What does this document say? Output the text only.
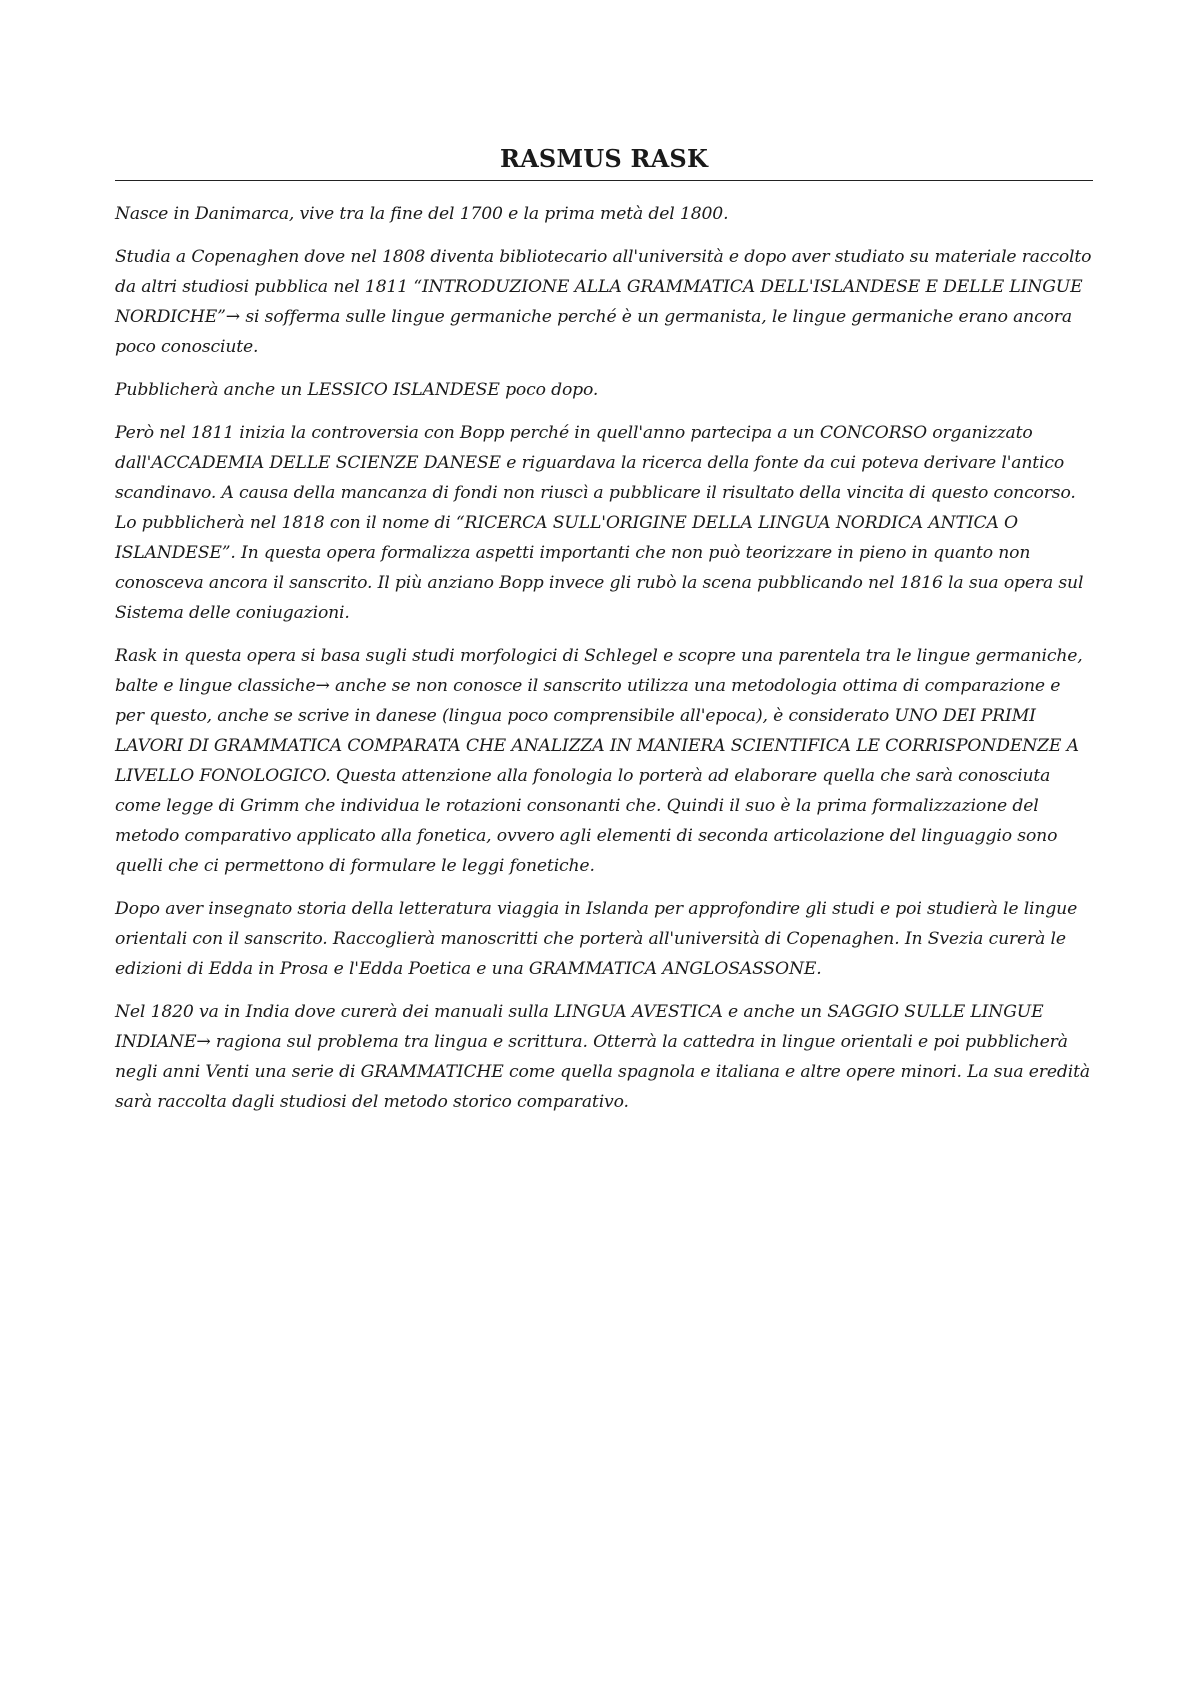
RASMUS RASK

Nasce in Danimarca, vive tra la fine del 1700 e la prima metà del 1800.

Studia a Copenaghen dove nel 1808 diventa bibliotecario all'università e dopo aver studiato su materiale raccolto da altri studiosi pubblica nel 1811 “INTRODUZIONE ALLA GRAMMATICA DELL'ISLANDESE E DELLE LINGUE NORDICHE”→ si sofferma sulle lingue germaniche perché è un germanista, le lingue germaniche erano ancora poco conosciute.

Pubblicherà anche un LESSICO ISLANDESE poco dopo.

Però nel 1811 inizia la controversia con Bopp perché in quell'anno partecipa a un CONCORSO organizzato dall'ACCADEMIA DELLE SCIENZE DANESE e riguardava la ricerca della fonte da cui poteva derivare l'antico scandinavo. A causa della mancanza di fondi non riuscì a pubblicare il risultato della vincita di questo concorso. Lo pubblicherà nel 1818 con il nome di “RICERCA SULL'ORIGINE DELLA LINGUA NORDICA ANTICA O ISLANDESE”. In questa opera formalizza aspetti importanti che non può teorizzare in pieno in quanto non conosceva ancora il sanscrito. Il più anziano Bopp invece gli rubò la scena pubblicando nel 1816 la sua opera sul Sistema delle coniugazioni.

Rask in questa opera si basa sugli studi morfologici di Schlegel e scopre una parentela tra le lingue germaniche, balte e lingue classiche→ anche se non conosce il sanscrito utilizza una metodologia ottima di comparazione e per questo, anche se scrive in danese (lingua poco comprensibile all'epoca), è considerato UNO DEI PRIMI LAVORI DI GRAMMATICA COMPARATA CHE ANALIZZA IN MANIERA SCIENTIFICA LE CORRISPONDENZE A LIVELLO FONOLOGICO. Questa attenzione alla fonologia lo porterà ad elaborare quella che sarà conosciuta come legge di Grimm che individua le rotazioni consonanti che. Quindi il suo è la prima formalizzazione del metodo comparativo applicato alla fonetica, ovvero agli elementi di seconda articolazione del linguaggio sono quelli che ci permettono di formulare le leggi fonetiche.

Dopo aver insegnato storia della letteratura viaggia in Islanda per approfondire gli studi e poi studierà le lingue orientali con il sanscrito. Raccoglierà manoscritti che porterà all'università di Copenaghen. In Svezia curerà le edizioni di Edda in Prosa e l'Edda Poetica e una GRAMMATICA ANGLOSASSONE.

Nel 1820 va in India dove curerà dei manuali sulla LINGUA AVESTICA e anche un SAGGIO SULLE LINGUE INDIANE→ ragiona sul problema tra lingua e scrittura. Otterrà la cattedra in lingue orientali e poi pubblicherà negli anni Venti una serie di GRAMMATICHE come quella spagnola e italiana e altre opere minori. La sua eredità sarà raccolta dagli studiosi del metodo storico comparativo.
